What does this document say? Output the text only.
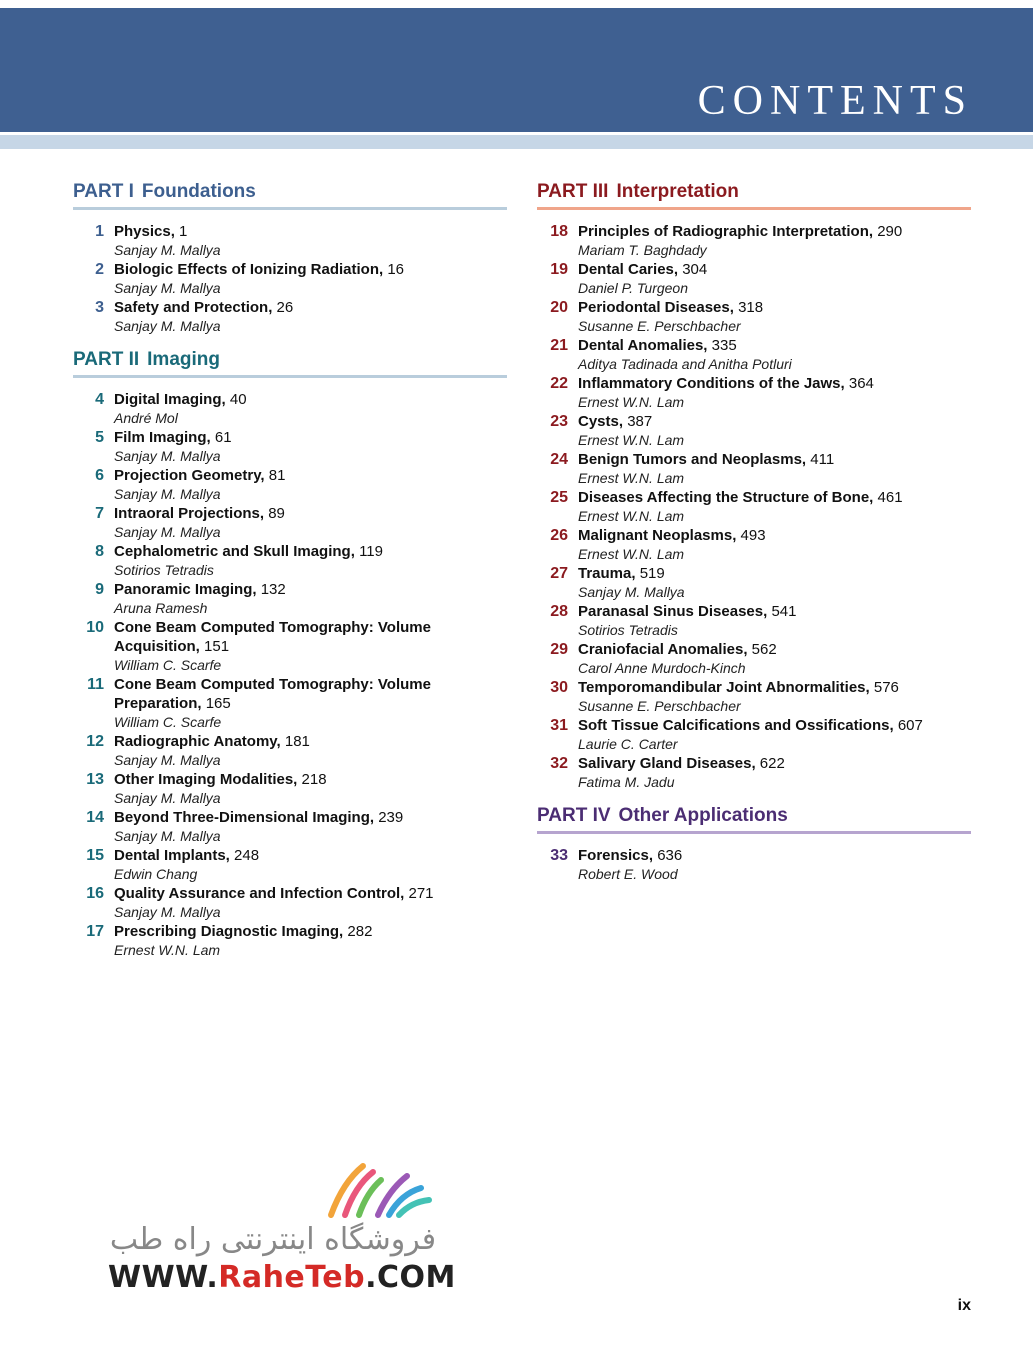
CONTENTS
PART I Foundations
1 Physics, 1
Sanjay M. Mallya
2 Biologic Effects of Ionizing Radiation, 16
Sanjay M. Mallya
3 Safety and Protection, 26
Sanjay M. Mallya
PART II Imaging
4 Digital Imaging, 40
André Mol
5 Film Imaging, 61
Sanjay M. Mallya
6 Projection Geometry, 81
Sanjay M. Mallya
7 Intraoral Projections, 89
Sanjay M. Mallya
8 Cephalometric and Skull Imaging, 119
Sotirios Tetradis
9 Panoramic Imaging, 132
Aruna Ramesh
10 Cone Beam Computed Tomography: Volume Acquisition, 151
William C. Scarfe
11 Cone Beam Computed Tomography: Volume Preparation, 165
William C. Scarfe
12 Radiographic Anatomy, 181
Sanjay M. Mallya
13 Other Imaging Modalities, 218
Sanjay M. Mallya
14 Beyond Three-Dimensional Imaging, 239
Sanjay M. Mallya
15 Dental Implants, 248
Edwin Chang
16 Quality Assurance and Infection Control, 271
Sanjay M. Mallya
17 Prescribing Diagnostic Imaging, 282
Ernest W.N. Lam
PART III Interpretation
18 Principles of Radiographic Interpretation, 290
Mariam T. Baghdady
19 Dental Caries, 304
Daniel P. Turgeon
20 Periodontal Diseases, 318
Susanne E. Perschbacher
21 Dental Anomalies, 335
Aditya Tadinada and Anitha Potluri
22 Inflammatory Conditions of the Jaws, 364
Ernest W.N. Lam
23 Cysts, 387
Ernest W.N. Lam
24 Benign Tumors and Neoplasms, 411
Ernest W.N. Lam
25 Diseases Affecting the Structure of Bone, 461
Ernest W.N. Lam
26 Malignant Neoplasms, 493
Ernest W.N. Lam
27 Trauma, 519
Sanjay M. Mallya
28 Paranasal Sinus Diseases, 541
Sotirios Tetradis
29 Craniofacial Anomalies, 562
Carol Anne Murdoch-Kinch
30 Temporomandibular Joint Abnormalities, 576
Susanne E. Perschbacher
31 Soft Tissue Calcifications and Ossifications, 607
Laurie C. Carter
32 Salivary Gland Diseases, 622
Fatima M. Jadu
PART IV Other Applications
33 Forensics, 636
Robert E. Wood
فروشگاه اینترنتی راه طب
WWW.RaheTeb.COM
ix
